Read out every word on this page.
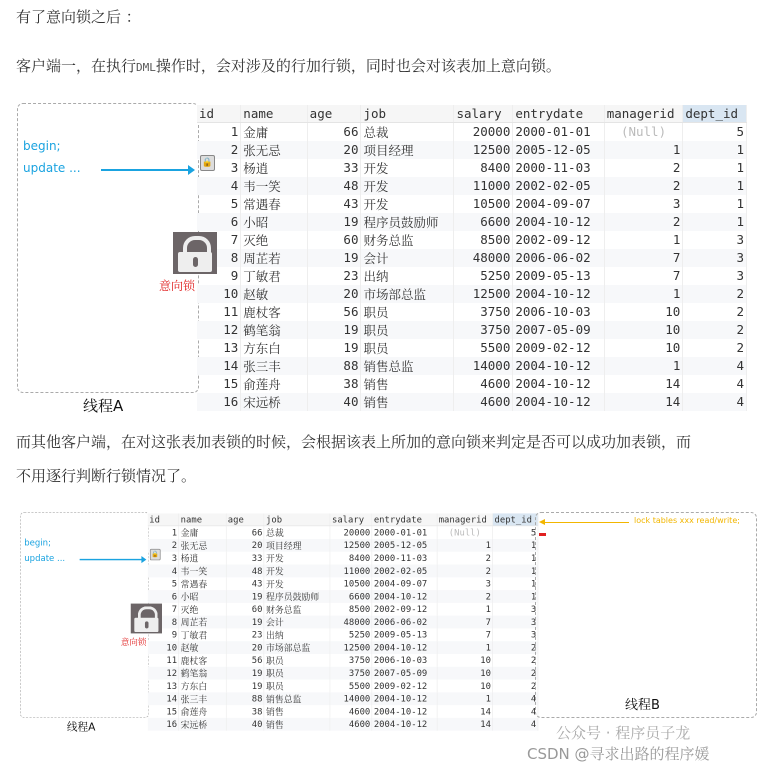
有了意向锁之后 ：
客户端一，在执行DML操作时，会对涉及的行加行锁，同时也会对该表加上意向锁。
begin;
update ...
id	name	age	job	salary	entrydate	managerid	dept_id
1	金庸	66	总裁	20000	2000-01-01	(Null)	5
2	张无忌	20	项目经理	12500	2005-12-05	1	1
3	杨逍	33	开发	8400	2000-11-03	2	1
4	韦一笑	48	开发	11000	2002-02-05	2	1
5	常遇春	43	开发	10500	2004-09-07	3	1
6	小昭	19	程序员鼓励师	6600	2004-10-12	2	1
7	灭绝	60	财务总监	8500	2002-09-12	1	3
8	周芷若	19	会计	48000	2006-06-02	7	3
9	丁敏君	23	出纳	5250	2009-05-13	7	3
10	赵敏	20	市场部总监	12500	2004-10-12	1	2
11	鹿杖客	56	职员	3750	2006-10-03	10	2
12	鹤笔翁	19	职员	3750	2007-05-09	10	2
13	方东白	19	职员	5500	2009-02-12	10	2
14	张三丰	88	销售总监	14000	2004-10-12	1	4
15	俞莲舟	38	销售	4600	2004-10-12	14	4
16	宋远桥	40	销售	4600	2004-10-12	14	4
🔒
意向锁
线程A
而其他客户端，在对这张表加表锁的时候，会根据该表上所加的意向锁来判定是否可以成功加表锁，而
不用逐行判断行锁情况了。
begin;
update ...
id	name	age	job	salary	entrydate	managerid	dept_id
1	金庸	66	总裁	20000	2000-01-01	(Null)	5
2	张无忌	20	项目经理	12500	2005-12-05	1	1
3	杨逍	33	开发	8400	2000-11-03	2	1
4	韦一笑	48	开发	11000	2002-02-05	2	1
5	常遇春	43	开发	10500	2004-09-07	3	1
6	小昭	19	程序员鼓励师	6600	2004-10-12	2	1
7	灭绝	60	财务总监	8500	2002-09-12	1	3
8	周芷若	19	会计	48000	2006-06-02	7	3
9	丁敏君	23	出纳	5250	2009-05-13	7	3
10	赵敏	20	市场部总监	12500	2004-10-12	1	2
11	鹿杖客	56	职员	3750	2006-10-03	10	2
12	鹤笔翁	19	职员	3750	2007-05-09	10	2
13	方东白	19	职员	5500	2009-02-12	10	2
14	张三丰	88	销售总监	14000	2004-10-12	1	4
15	俞莲舟	38	销售	4600	2004-10-12	14	4
16	宋远桥	40	销售	4600	2004-10-12	14	4
🔒
意向锁
线程A
lock tables xxx read/write;
线程B
公众号 · 程序员子龙
CSDN @寻求出路的程序媛
